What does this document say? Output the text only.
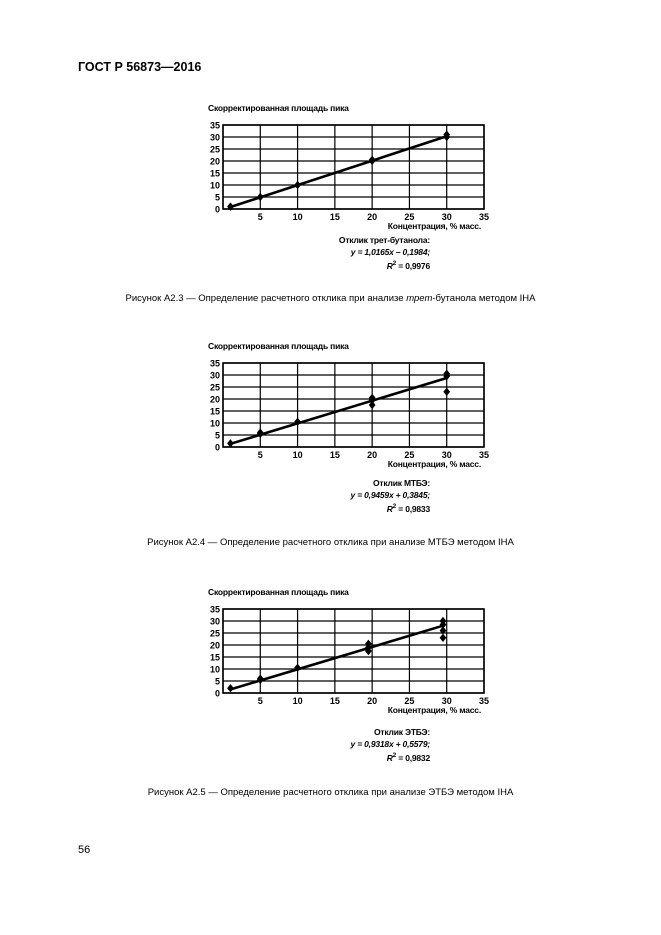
ГОСТ Р 56873—2016
Скорректированная площадь пика
0
5
10
15
20
25
30
35
5	10	15	20	25	30	35
Концентрация, % масс.
Отклик трет-бутанола:
y = 1,0165x – 0,1984;
$R^2 = 0,9976$
Рисунок А2.3 — Определение расчетного отклика при анализе трет-бутанола методом IHA
Скорректированная площадь пика
0
5
10
15
20
25
30
35
5	10	15	20	25	30	35
Концентрация, % масс.
Отклик МТБЭ:
y = 0,9459x + 0,3845;
$R^2 = 0,9833$
Рисунок А2.4 — Определение расчетного отклика при анализе МТБЭ методом IHA
Скорректированная площадь пика
0
5
10
15
20
25
30
35
5	10	15	20	25	30	35
Концентрация, % масс.
Отклик ЭТБЭ:
y = 0,9318x + 0,5579;
$R^2 = 0,9832$
Рисунок А2.5 — Определение расчетного отклика при анализе ЭТБЭ методом IHA
56
